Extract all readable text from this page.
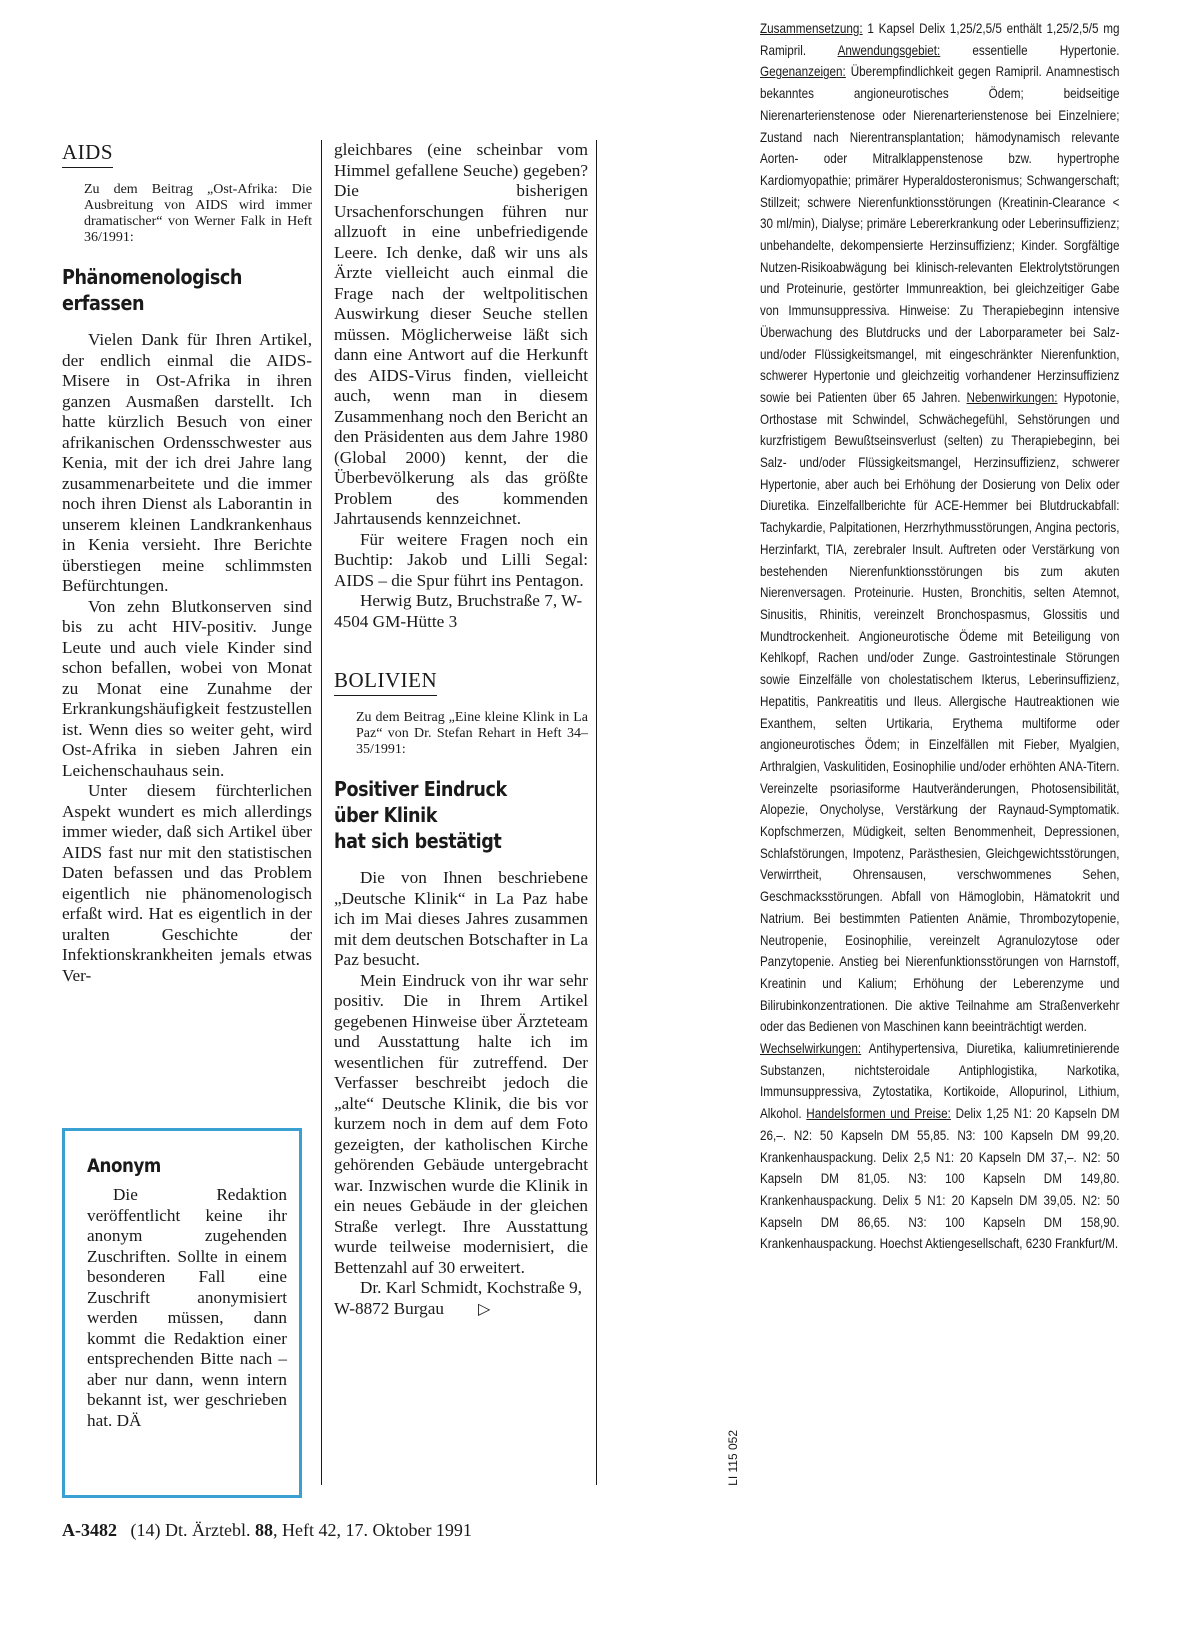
AIDS
Zu dem Beitrag „Ost-Afrika: Die Ausbreitung von AIDS wird immer dramatischer“ von Werner Falk in Heft 36/1991:
Phänomenologisch erfassen

Vielen Dank für Ihren Artikel, der endlich einmal die AIDS-Misere in Ost-Afrika in ihren ganzen Ausmaßen darstellt. Ich hatte kürzlich Besuch von einer afrikanischen Ordensschwester aus Kenia, mit der ich drei Jahre lang zusammenarbeitete und die immer noch ihren Dienst als Laborantin in unserem kleinen Landkrankenhaus in Kenia versieht. Ihre Berichte überstiegen meine schlimmsten Befürchtungen.

Von zehn Blutkonserven sind bis zu acht HIV-positiv. Junge Leute und auch viele Kinder sind schon befallen, wobei von Monat zu Monat eine Zunahme der Erkrankungshäufigkeit festzustellen ist. Wenn dies so weiter geht, wird Ost-Afrika in sieben Jahren ein Leichenschauhaus sein.

Unter diesem fürchterlichen Aspekt wundert es mich allerdings immer wieder, daß sich Artikel über AIDS fast nur mit den statistischen Daten befassen und das Problem eigentlich nie phänomenologisch erfaßt wird. Hat es eigentlich in der uralten Geschichte der Infektionskrankheiten jemals etwas Ver-

Anonym

Die Redaktion veröffentlicht keine ihr anonym zugehenden Zuschriften. Sollte in einem besonderen Fall eine Zuschrift anonymisiert werden müssen, dann kommt die Redaktion einer entsprechenden Bitte nach – aber nur dann, wenn intern bekannt ist, wer geschrieben hat. DÄ

gleichbares (eine scheinbar vom Himmel gefallene Seuche) gegeben? Die bisherigen Ursachenforschungen führen nur allzuoft in eine unbefriedigende Leere. Ich denke, daß wir uns als Ärzte vielleicht auch einmal die Frage nach der weltpolitischen Auswirkung dieser Seuche stellen müssen. Möglicherweise läßt sich dann eine Antwort auf die Herkunft des AIDS-Virus finden, vielleicht auch, wenn man in diesem Zusammenhang noch den Bericht an den Präsidenten aus dem Jahre 1980 (Global 2000) kennt, der die Überbevölkerung als das größte Problem des kommenden Jahrtausends kennzeichnet.

Für weitere Fragen noch ein Buchtip: Jakob und Lilli Segal: AIDS – die Spur führt ins Pentagon.

Herwig Butz, Bruchstraße 7, W-4504 GM-Hütte 3

BOLIVIEN
Zu dem Beitrag „Eine kleine Klink in La Paz“ von Dr. Stefan Rehart in Heft 34–35/1991:
Positiver Eindruck
über Klinik
hat sich bestätigt

Die von Ihnen beschriebene „Deutsche Klinik“ in La Paz habe ich im Mai dieses Jahres zusammen mit dem deutschen Botschafter in La Paz besucht.

Mein Eindruck von ihr war sehr positiv. Die in Ihrem Artikel gegebenen Hinweise über Ärzteteam und Ausstattung halte ich im wesentlichen für zutreffend. Der Verfasser beschreibt jedoch die „alte“ Deutsche Klinik, die bis vor kurzem noch in dem auf dem Foto gezeigten, der katholischen Kirche gehörenden Gebäude untergebracht war. Inzwischen wurde die Klinik in ein neues Gebäude in der gleichen Straße verlegt. Ihre Ausstattung wurde teilweise modernisiert, die Bettenzahl auf 30 erweitert.

Dr. Karl Schmidt, Kochstraße 9, W-8872 Burgau ▷

Zusammensetzung: 1 Kapsel Delix 1,25/2,5/5 enthält 1,25/2,5/5 mg Ramipril. Anwendungsgebiet: essentielle Hypertonie. Gegenanzeigen: Überempfindlichkeit gegen Ramipril. Anamnestisch bekanntes angioneurotisches Ödem; beidseitige Nierenarterienstenose oder Nierenarterienstenose bei Einzelniere; Zustand nach Nierentransplantation; hämodynamisch relevante Aorten- oder Mitralklappenstenose bzw. hypertrophe Kardiomyopathie; primärer Hyperaldosteronismus; Schwangerschaft; Stillzeit; schwere Nierenfunktionsstörungen (Kreatinin-Clearance < 30 ml/min), Dialyse; primäre Lebererkrankung oder Leberinsuffizienz; unbehandelte, dekompensierte Herzinsuffizienz; Kinder. Sorgfältige Nutzen-Risikoabwägung bei klinisch-relevanten Elektrolytstörungen und Proteinurie, gestörter Immunreaktion, bei gleichzeitiger Gabe von Immunsuppressiva. Hinweise: Zu Therapiebeginn intensive Überwachung des Blutdrucks und der Laborparameter bei Salz- und/oder Flüssigkeitsmangel, mit eingeschränkter Nierenfunktion, schwerer Hypertonie und gleichzeitig vorhandener Herzinsuffizienz sowie bei Patienten über 65 Jahren. Nebenwirkungen: Hypotonie, Orthostase mit Schwindel, Schwächegefühl, Sehstörungen und kurzfristigem Bewußtseinsverlust (selten) zu Therapiebeginn, bei Salz- und/oder Flüssigkeitsmangel, Herzinsuffizienz, schwerer Hypertonie, aber auch bei Erhöhung der Dosierung von Delix oder Diuretika. Einzelfallberichte für ACE-Hemmer bei Blutdruckabfall: Tachykardie, Palpitationen, Herzrhythmusstörungen, Angina pectoris, Herzinfarkt, TIA, zerebraler Insult. Auftreten oder Verstärkung von bestehenden Nierenfunktionsstörungen bis zum akuten Nierenversagen. Proteinurie. Husten, Bronchitis, selten Atemnot, Sinusitis, Rhinitis, vereinzelt Bronchospasmus, Glossitis und Mundtrockenheit. Angioneurotische Ödeme mit Beteiligung von Kehlkopf, Rachen und/oder Zunge. Gastrointestinale Störungen sowie Einzelfälle von cholestatischem Ikterus, Leberinsuffizienz, Hepatitis, Pankreatitis und Ileus. Allergische Hautreaktionen wie Exanthem, selten Urtikaria, Erythema multiforme oder angioneurotisches Ödem; in Einzelfällen mit Fieber, Myalgien, Arthralgien, Vaskulitiden, Eosinophilie und/oder erhöhten ANA-Titern. Vereinzelte psoriasiforme Hautveränderungen, Photosensibilität, Alopezie, Onycholyse, Verstärkung der Raynaud-Symptomatik. Kopfschmerzen, Müdigkeit, selten Benommenheit, Depressionen, Schlafstörungen, Impotenz, Parästhesien, Gleichgewichtsstörungen, Verwirrtheit, Ohrensausen, verschwommenes Sehen, Geschmacksstörungen. Abfall von Hämoglobin, Hämatokrit und Natrium. Bei bestimmten Patienten Anämie, Thrombozytopenie, Neutropenie, Eosinophilie, vereinzelt Agranulozytose oder Panzytopenie. Anstieg bei Nierenfunktionsstörungen von Harnstoff, Kreatinin und Kalium; Erhöhung der Leberenzyme und Bilirubinkonzentrationen. Die aktive Teilnahme am Straßenverkehr oder das Bedienen von Maschinen kann beeinträchtigt werden.
Wechselwirkungen: Antihypertensiva, Diuretika, kaliumretinierende Substanzen, nichtsteroidale Antiphlogistika, Narkotika, Immunsuppressiva, Zytostatika, Kortikoide, Allopurinol, Lithium, Alkohol. Handelsformen und Preise: Delix 1,25 N1: 20 Kapseln DM 26,–. N2: 50 Kapseln DM 55,85. N3: 100 Kapseln DM 99,20. Krankenhauspackung. Delix 2,5 N1: 20 Kapseln DM 37,–. N2: 50 Kapseln DM 81,05. N3: 100 Kapseln DM 149,80. Krankenhauspackung. Delix 5 N1: 20 Kapseln DM 39,05. N2: 50 Kapseln DM 86,65. N3: 100 Kapseln DM 158,90. Krankenhauspackung. Hoechst Aktiengesellschaft, 6230 Frankfurt/M.
LI 115 052
A-3482 (14) Dt. Ärztebl. 88, Heft 42, 17. Oktober 1991
